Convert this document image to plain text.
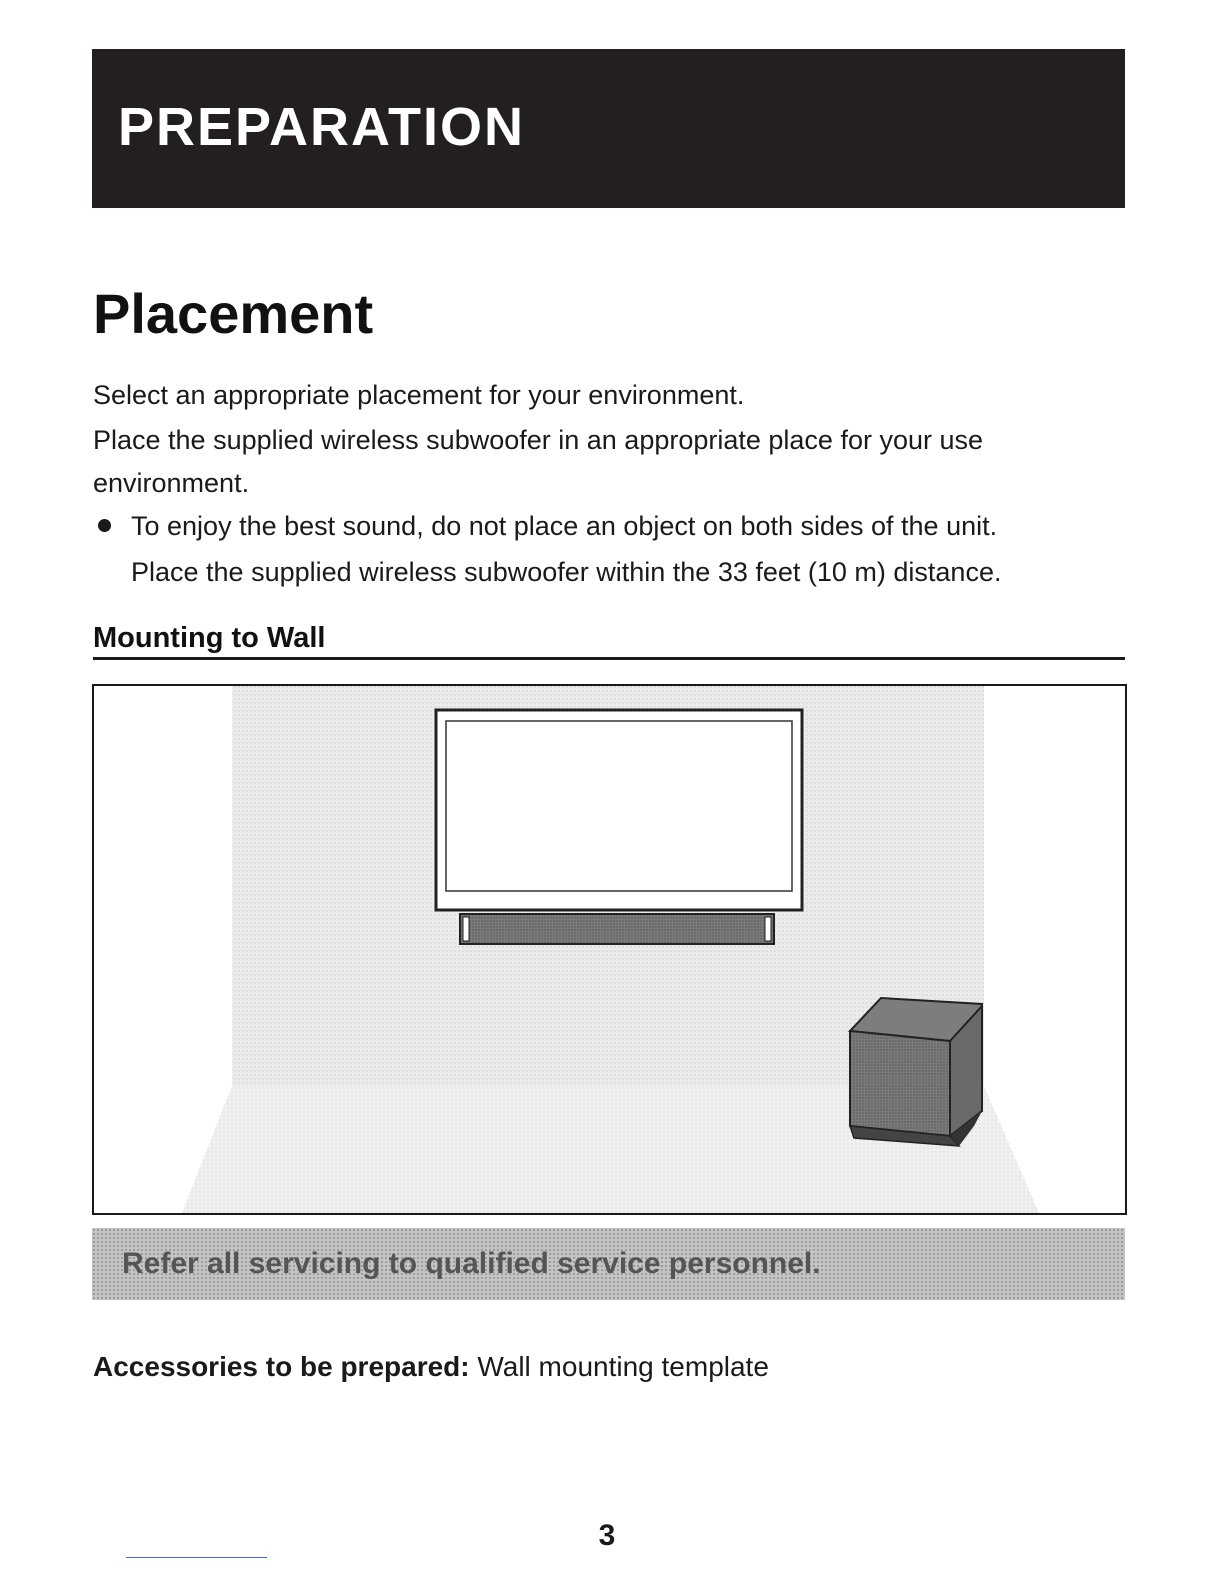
PREPARATION
Placement

Select an appropriate placement for your environment.

Place the supplied wireless subwoofer in an appropriate place for your use

environment.

To enjoy the best sound, do not place an object on both sides of the unit.

Place the supplied wireless subwoofer within the 33 feet (10 m) distance.

Mounting to Wall
Refer all servicing to qualified service personnel.

Accessories to be prepared: Wall mounting template

3
